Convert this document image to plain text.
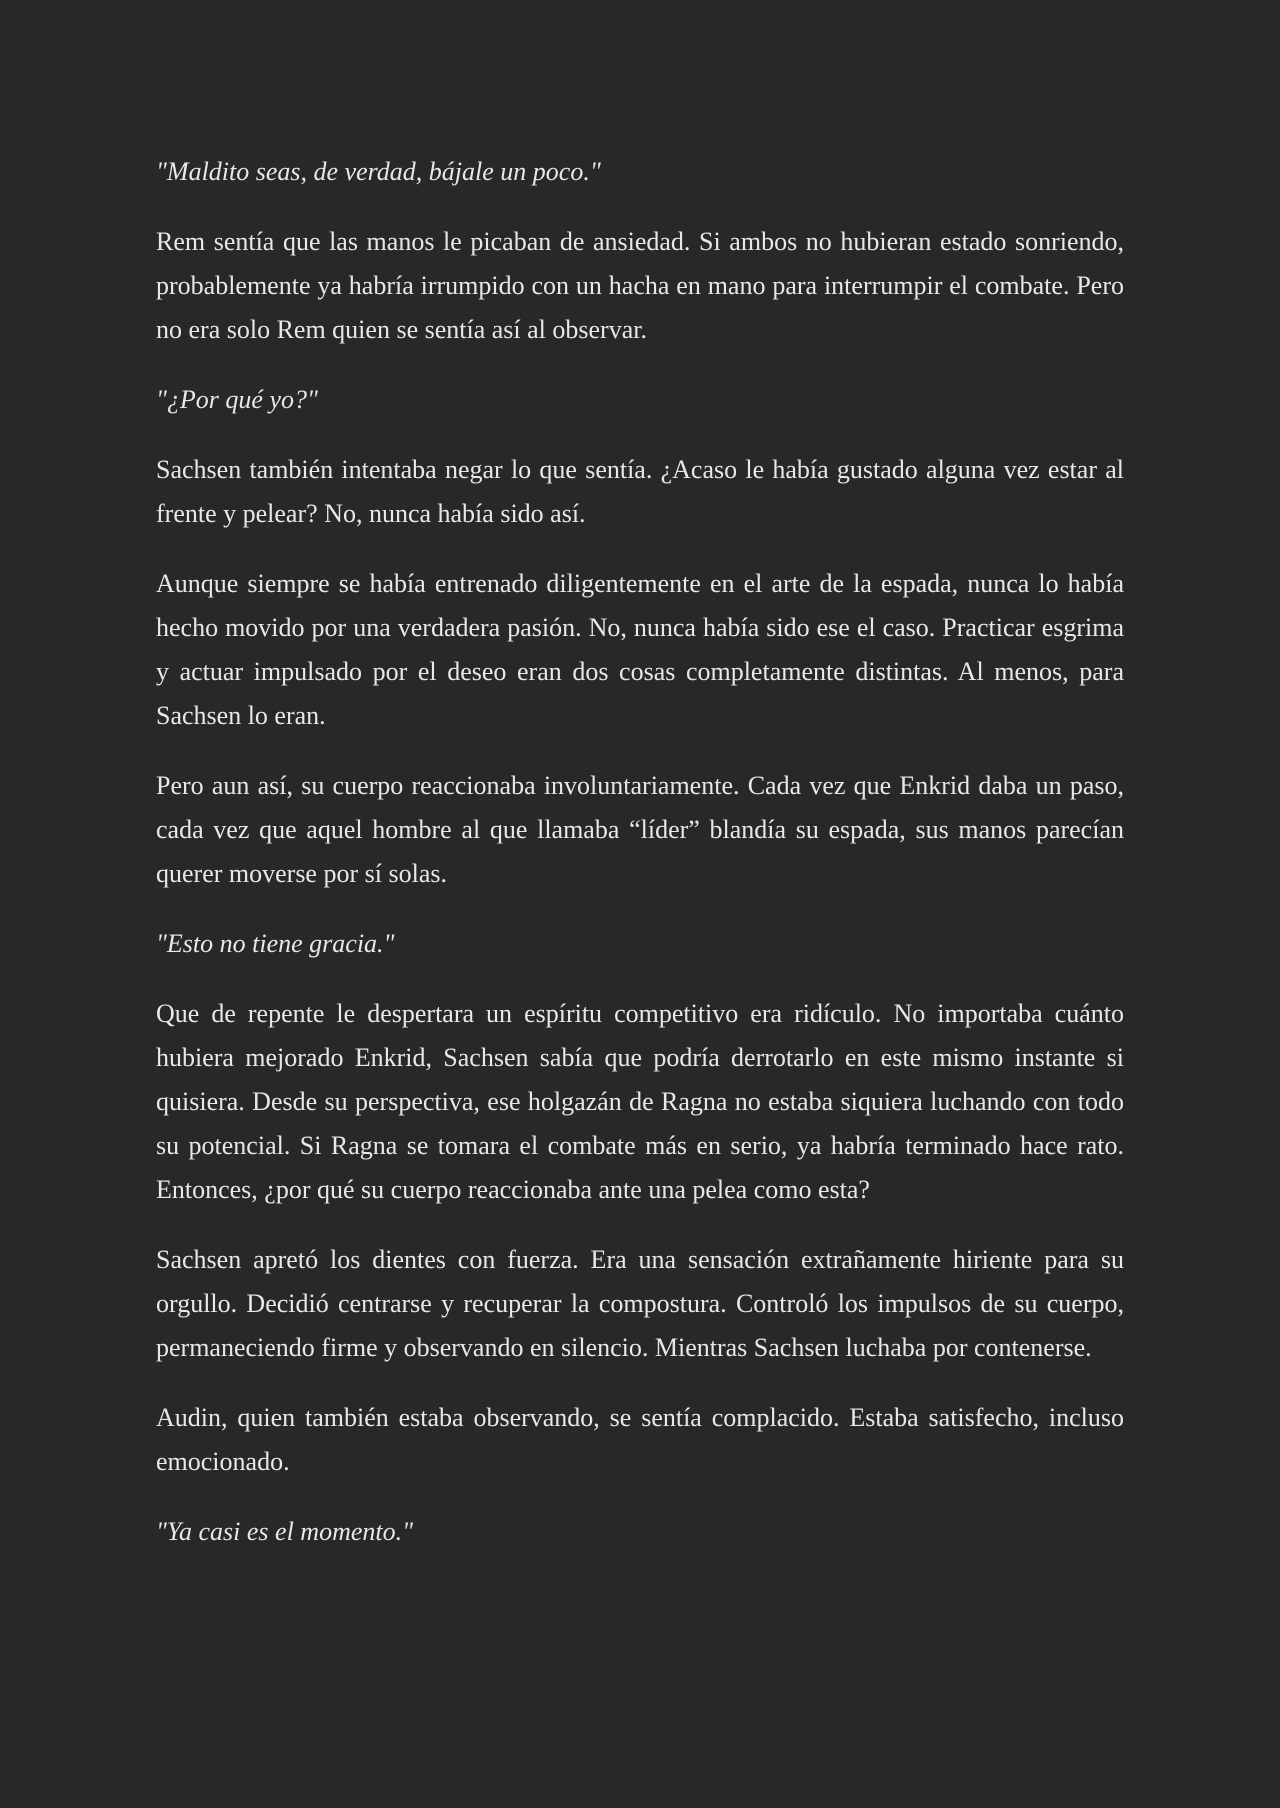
"Maldito seas, de verdad, bájale un poco."

Rem sentía que las manos le picaban de ansiedad. Si ambos no hubieran estado sonriendo, probablemente ya habría irrumpido con un hacha en mano para interrumpir el combate. Pero no era solo Rem quien se sentía así al observar.

"¿Por qué yo?"

Sachsen también intentaba negar lo que sentía. ¿Acaso le había gustado alguna vez estar al frente y pelear? No, nunca había sido así.

Aunque siempre se había entrenado diligentemente en el arte de la espada, nunca lo había hecho movido por una verdadera pasión. No, nunca había sido ese el caso. Practicar esgrima y actuar impulsado por el deseo eran dos cosas completamente distintas. Al menos, para Sachsen lo eran.

Pero aun así, su cuerpo reaccionaba involuntariamente. Cada vez que Enkrid daba un paso, cada vez que aquel hombre al que llamaba “líder” blandía su espada, sus manos parecían querer moverse por sí solas.

"Esto no tiene gracia."

Que de repente le despertara un espíritu competitivo era ridículo. No importaba cuánto hubiera mejorado Enkrid, Sachsen sabía que podría derrotarlo en este mismo instante si quisiera. Desde su perspectiva, ese holgazán de Ragna no estaba siquiera luchando con todo su potencial. Si Ragna se tomara el combate más en serio, ya habría terminado hace rato. Entonces, ¿por qué su cuerpo reaccionaba ante una pelea como esta?

Sachsen apretó los dientes con fuerza. Era una sensación extrañamente hiriente para su orgullo. Decidió centrarse y recuperar la compostura. Controló los impulsos de su cuerpo, permaneciendo firme y observando en silencio. Mientras Sachsen luchaba por contenerse.

Audin, quien también estaba observando, se sentía complacido. Estaba satisfecho, incluso emocionado.

"Ya casi es el momento."
